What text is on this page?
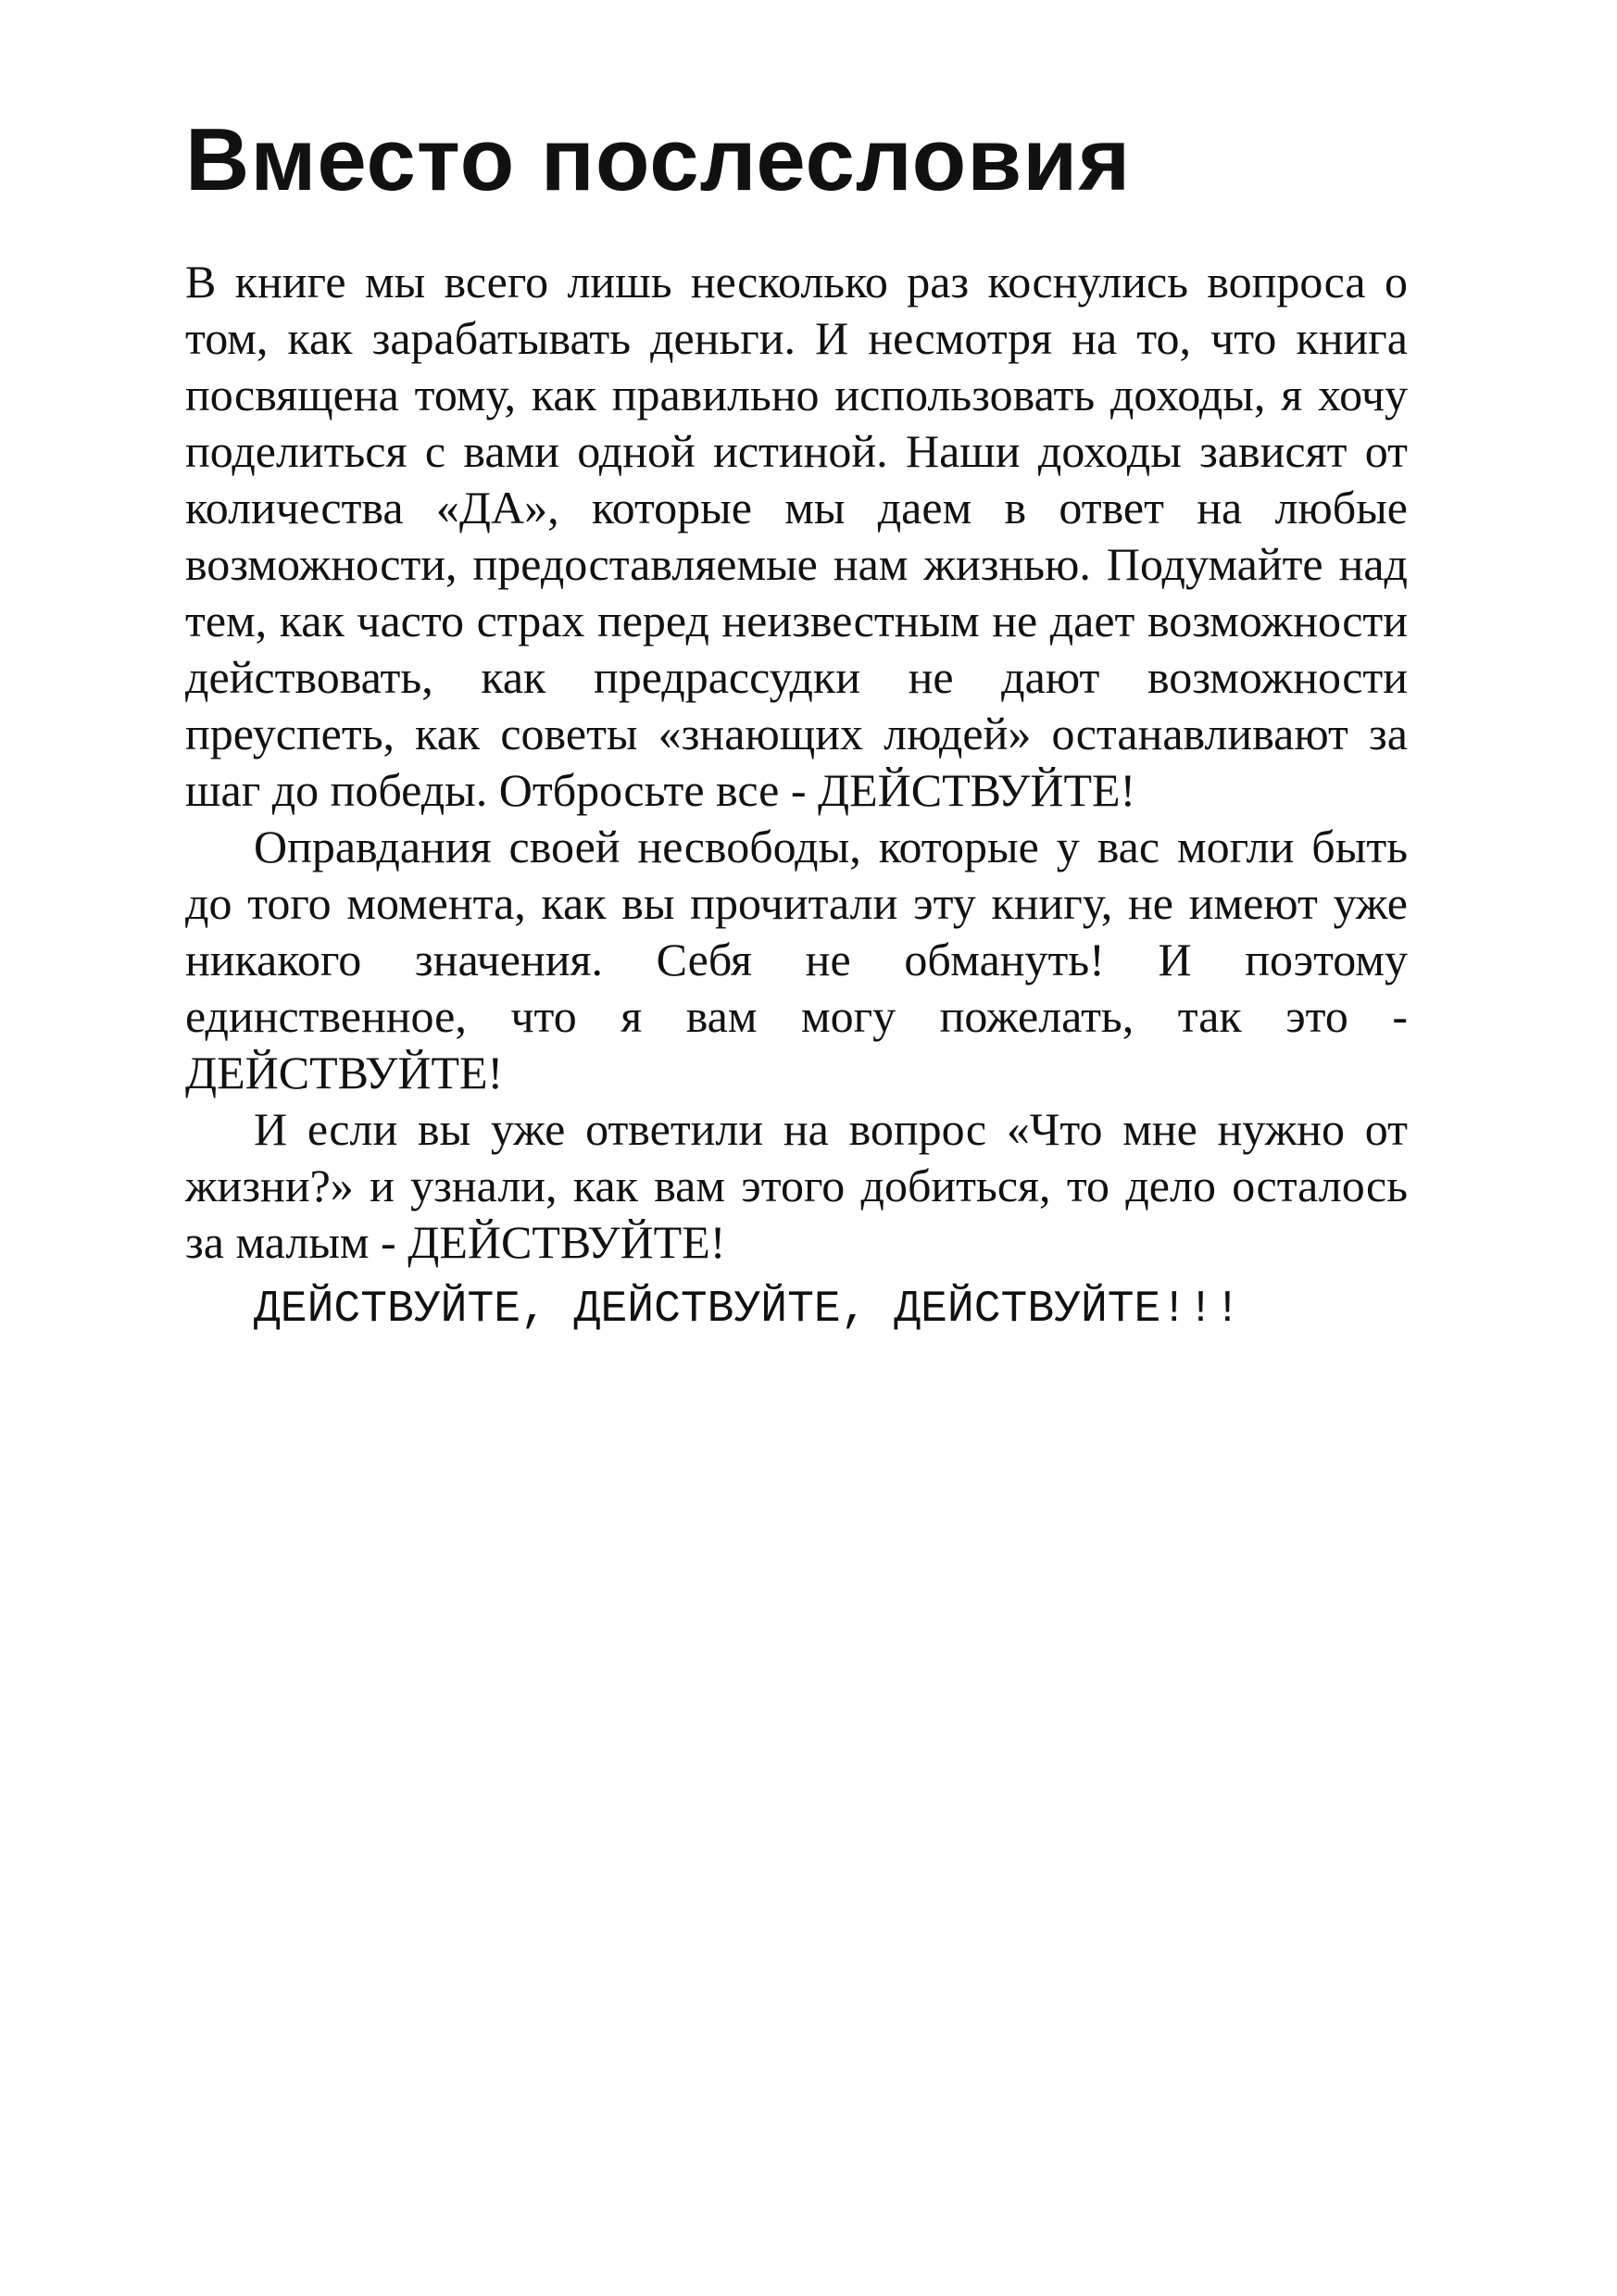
Вместо послесловия

В книге мы всего лишь несколько раз коснулись вопроса о том, как зарабатывать деньги. И несмотря на то, что книга посвящена тому, как правильно использовать доходы, я хочу поделиться с вами одной истиной. Наши доходы зависят от количества «ДА», которые мы даем в ответ на любые возможности, предоставляемые нам жизнью. Подумайте над тем, как часто страх перед неизвестным не дает возможности действовать, как предрассудки не дают возможности преуспеть, как советы «знающих людей» останавливают за шаг до победы. Отбросьте все - ДЕЙСТВУЙТЕ!

Оправдания своей несвободы, которые у вас могли быть до того момента, как вы прочитали эту книгу, не имеют уже никакого значения. Себя не обмануть! И поэтому единственное, что я вам могу пожелать, так это - ДЕЙСТВУЙТЕ!

И если вы уже ответили на вопрос «Что мне нужно от жизни?» и узнали, как вам этого добиться, то дело осталось за малым - ДЕЙСТВУЙТЕ!

ДЕЙСТВУЙТЕ, ДЕЙСТВУЙТЕ, ДЕЙСТВУЙТЕ!!!
